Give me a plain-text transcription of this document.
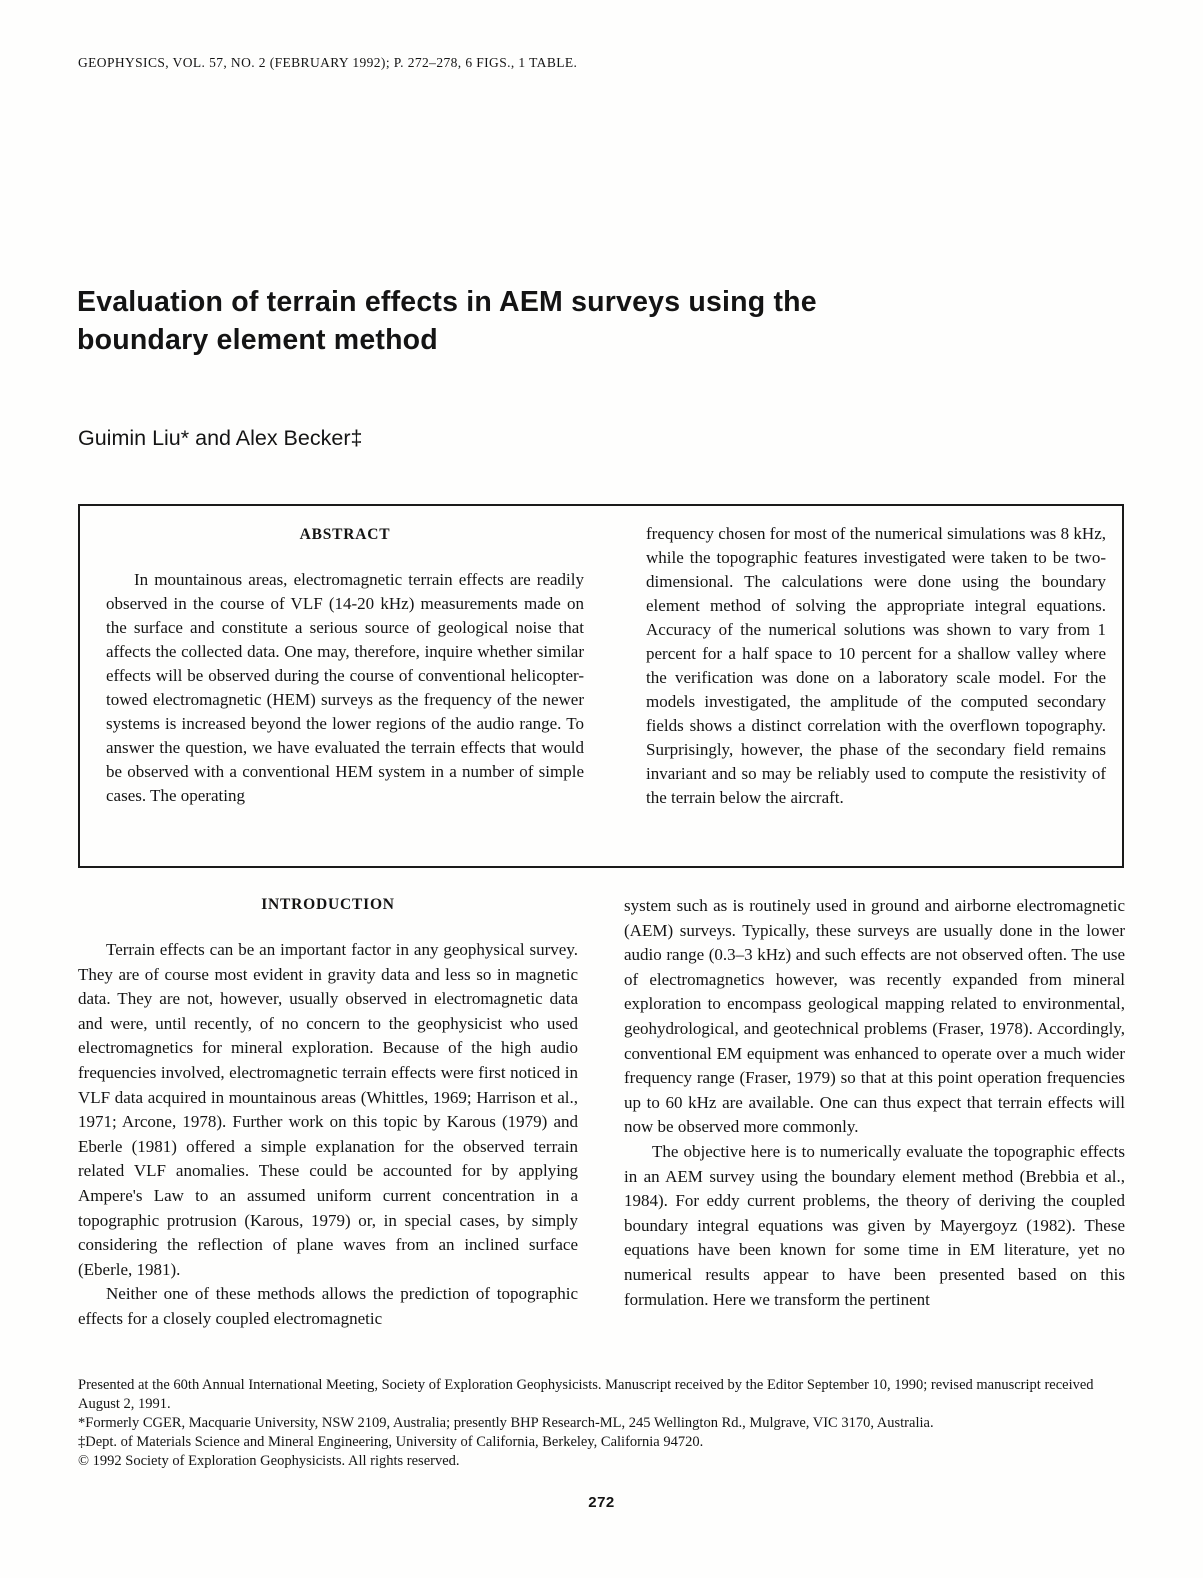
GEOPHYSICS, VOL. 57, NO. 2 (FEBRUARY 1992); P. 272–278, 6 FIGS., 1 TABLE.
Evaluation of terrain effects in AEM surveys using the boundary element method
Guimin Liu* and Alex Becker‡
ABSTRACT

In mountainous areas, electromagnetic terrain effects are readily observed in the course of VLF (14-20 kHz) measurements made on the surface and constitute a serious source of geological noise that affects the collected data. One may, therefore, inquire whether similar effects will be observed during the course of conventional helicopter-towed electromagnetic (HEM) surveys as the frequency of the newer systems is increased beyond the lower regions of the audio range. To answer the question, we have evaluated the terrain effects that would be observed with a conventional HEM system in a number of simple cases. The operating

frequency chosen for most of the numerical simulations was 8 kHz, while the topographic features investigated were taken to be two-dimensional. The calculations were done using the boundary element method of solving the appropriate integral equations. Accuracy of the numerical solutions was shown to vary from 1 percent for a half space to 10 percent for a shallow valley where the verification was done on a laboratory scale model. For the models investigated, the amplitude of the computed secondary fields shows a distinct correlation with the overflown topography. Surprisingly, however, the phase of the secondary field remains invariant and so may be reliably used to compute the resistivity of the terrain below the aircraft.

INTRODUCTION

Terrain effects can be an important factor in any geophysical survey. They are of course most evident in gravity data and less so in magnetic data. They are not, however, usually observed in electromagnetic data and were, until recently, of no concern to the geophysicist who used electromagnetics for mineral exploration. Because of the high audio frequencies involved, electromagnetic terrain effects were first noticed in VLF data acquired in mountainous areas (Whittles, 1969; Harrison et al., 1971; Arcone, 1978). Further work on this topic by Karous (1979) and Eberle (1981) offered a simple explanation for the observed terrain related VLF anomalies. These could be accounted for by applying Ampere's Law to an assumed uniform current concentration in a topographic protrusion (Karous, 1979) or, in special cases, by simply considering the reflection of plane waves from an inclined surface (Eberle, 1981).

Neither one of these methods allows the prediction of topographic effects for a closely coupled electromagnetic

system such as is routinely used in ground and airborne electromagnetic (AEM) surveys. Typically, these surveys are usually done in the lower audio range (0.3–3 kHz) and such effects are not observed often. The use of electromagnetics however, was recently expanded from mineral exploration to encompass geological mapping related to environmental, geohydrological, and geotechnical problems (Fraser, 1978). Accordingly, conventional EM equipment was enhanced to operate over a much wider frequency range (Fraser, 1979) so that at this point operation frequencies up to 60 kHz are available. One can thus expect that terrain effects will now be observed more commonly.

The objective here is to numerically evaluate the topographic effects in an AEM survey using the boundary element method (Brebbia et al., 1984). For eddy current problems, the theory of deriving the coupled boundary integral equations was given by Mayergoyz (1982). These equations have been known for some time in EM literature, yet no numerical results appear to have been presented based on this formulation. Here we transform the pertinent

Presented at the 60th Annual International Meeting, Society of Exploration Geophysicists. Manuscript received by the Editor September 10, 1990; revised manuscript received August 2, 1991.

*Formerly CGER, Macquarie University, NSW 2109, Australia; presently BHP Research-ML, 245 Wellington Rd., Mulgrave, VIC 3170, Australia.

‡Dept. of Materials Science and Mineral Engineering, University of California, Berkeley, California 94720.

© 1992 Society of Exploration Geophysicists. All rights reserved.

272
